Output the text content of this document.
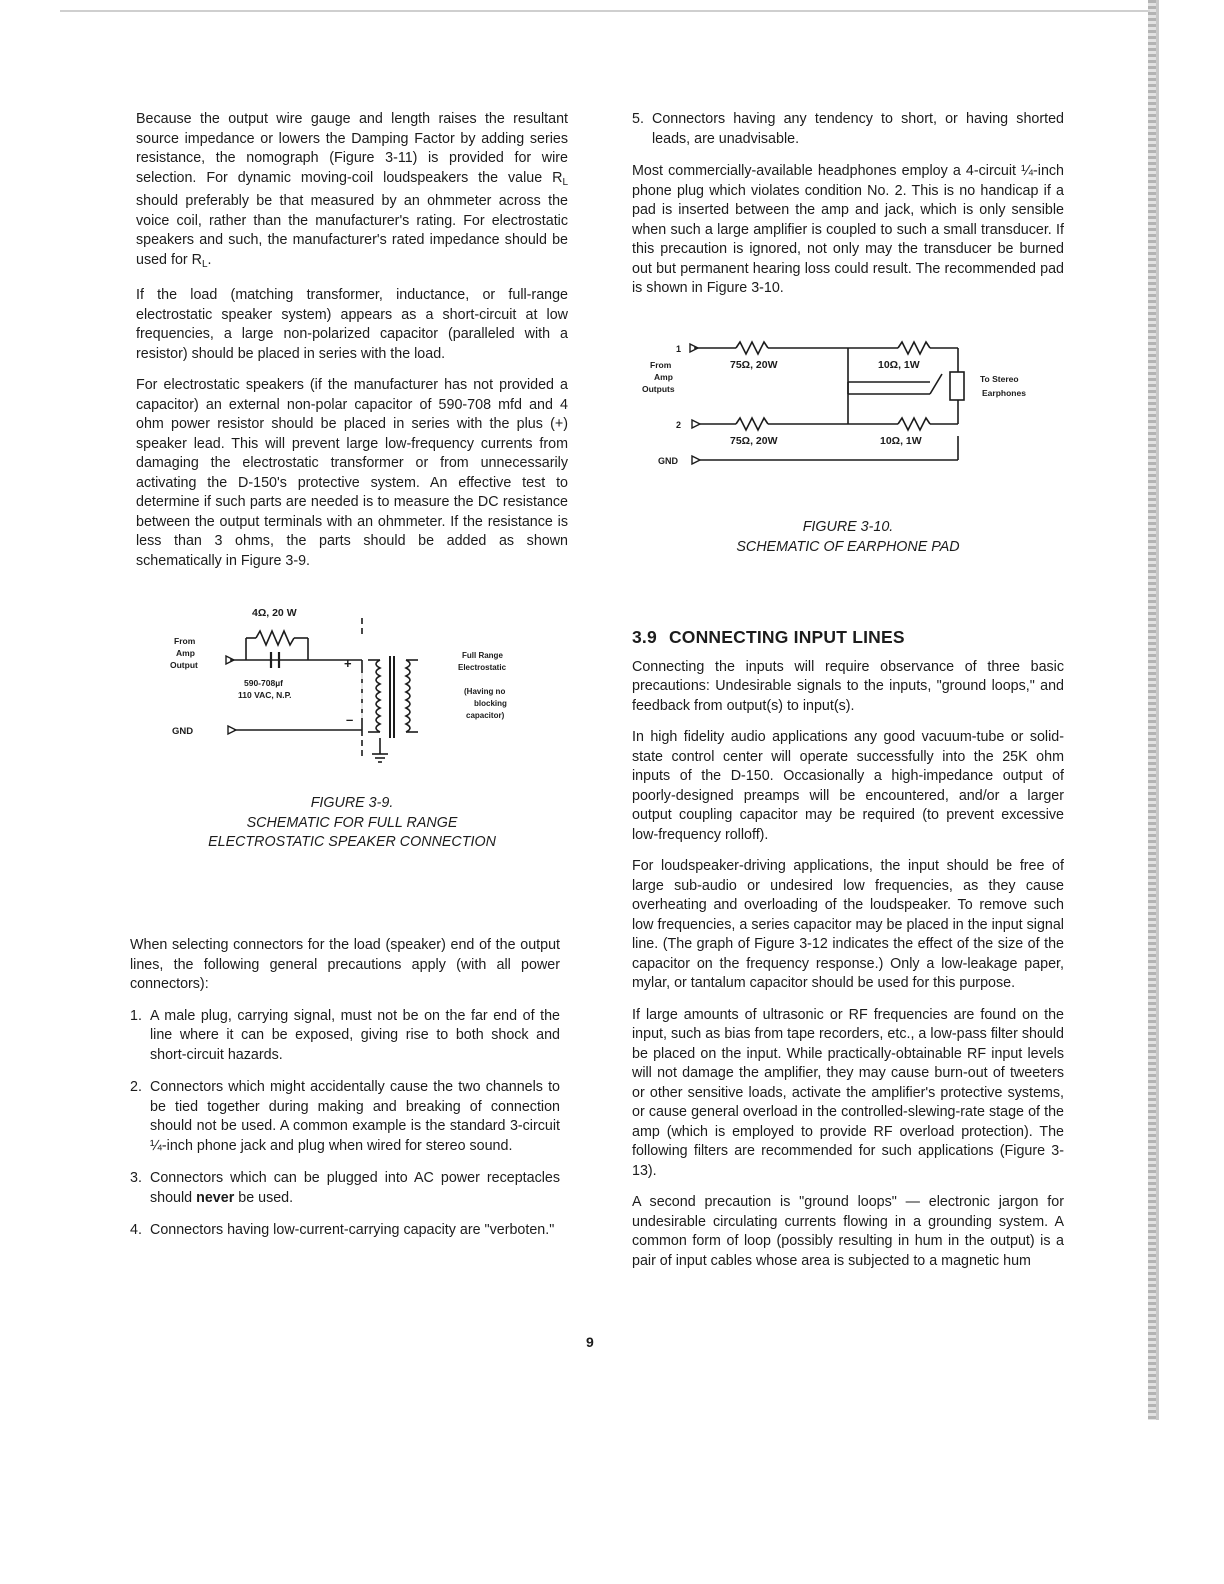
Because the output wire gauge and length raises the resultant source impedance or lowers the Damping Factor by adding series resistance, the nomograph (Figure 3-11) is provided for wire selection. For dynamic moving-coil loudspeakers the value $R_L$ should preferably be that measured by an ohmmeter across the voice coil, rather than the manufacturer's rating. For electrostatic speakers and such, the manufacturer's rated impedance should be used for $R_L$.

If the load (matching transformer, inductance, or full-range electrostatic speaker system) appears as a short-circuit at low frequencies, a large non-polarized capacitor (paralleled with a resistor) should be placed in series with the load.

For electrostatic speakers (if the manufacturer has not provided a capacitor) an external non-polar capacitor of 590-708 mfd and 4 ohm power resistor should be placed in series with the plus (+) speaker lead. This will prevent large low-frequency currents from damaging the electrostatic transformer or from unnecessarily activating the D-150's protective system. An effective test to determine if such parts are needed is to measure the DC resistance between the output terminals with an ohmmeter. If the resistance is less than 3 ohms, the parts should be added as shown schematically in Figure 3-9.

4Ω, 20 W
From
Amp
Output
590-708µf
110 VAC, N.P.
+
–
GND
Full Range
Electrostatic
(Having no
blocking
capacitor)
FIGURE 3-9.
SCHEMATIC FOR FULL RANGE
ELECTROSTATIC SPEAKER CONNECTION

When selecting connectors for the load (speaker) end of the output lines, the following general precautions apply (with all power connectors):

1. A male plug, carrying signal, must not be on the far end of the line where it can be exposed, giving rise to both shock and short-circuit hazards.
2. Connectors which might accidentally cause the two channels to be tied together during making and breaking of connection should not be used. A common example is the standard 3-circuit ¼-inch phone jack and plug when wired for stereo sound.
3. Connectors which can be plugged into AC power receptacles should never be used.
4. Connectors having low-current-carrying capacity are "verboten."
5. Connectors having any tendency to short, or having shorted leads, are unadvisable.

Most commercially-available headphones employ a 4-circuit ¼-inch phone plug which violates condition No. 2. This is no handicap if a pad is inserted between the amp and jack, which is only sensible when such a large amplifier is coupled to such a small transducer. If this precaution is ignored, not only may the transducer be burned out but permanent hearing loss could result. The recommended pad is shown in Figure 3-10.

1
2
From
Amp
Outputs
75Ω, 20W
75Ω, 20W
10Ω, 1W
10Ω, 1W
GND
To Stereo
Earphones
FIGURE 3-10.
SCHEMATIC OF EARPHONE PAD
3.9 CONNECTING INPUT LINES

Connecting the inputs will require observance of three basic precautions: Undesirable signals to the inputs, "ground loops," and feedback from output(s) to input(s).

In high fidelity audio applications any good vacuum-tube or solid-state control center will operate successfully into the 25K ohm inputs of the D-150. Occasionally a high-impedance output of poorly-designed preamps will be encountered, and/or a larger output coupling capacitor may be required (to prevent excessive low-frequency rolloff).

For loudspeaker-driving applications, the input should be free of large sub-audio or undesired low frequencies, as they cause overheating and overloading of the loudspeaker. To remove such low frequencies, a series capacitor may be placed in the input signal line. (The graph of Figure 3-12 indicates the effect of the size of the capacitor on the frequency response.) Only a low-leakage paper, mylar, or tantalum capacitor should be used for this purpose.

If large amounts of ultrasonic or RF frequencies are found on the input, such as bias from tape recorders, etc., a low-pass filter should be placed on the input. While practically-obtainable RF input levels will not damage the amplifier, they may cause burn-out of tweeters or other sensitive loads, activate the amplifier's protective systems, or cause general overload in the controlled-slewing-rate stage of the amp (which is employed to provide RF overload protection). The following filters are recommended for such applications (Figure 3-13).

A second precaution is "ground loops" — electronic jargon for undesirable circulating currents flowing in a grounding system. A common form of loop (possibly resulting in hum in the output) is a pair of input cables whose area is subjected to a magnetic hum

9
